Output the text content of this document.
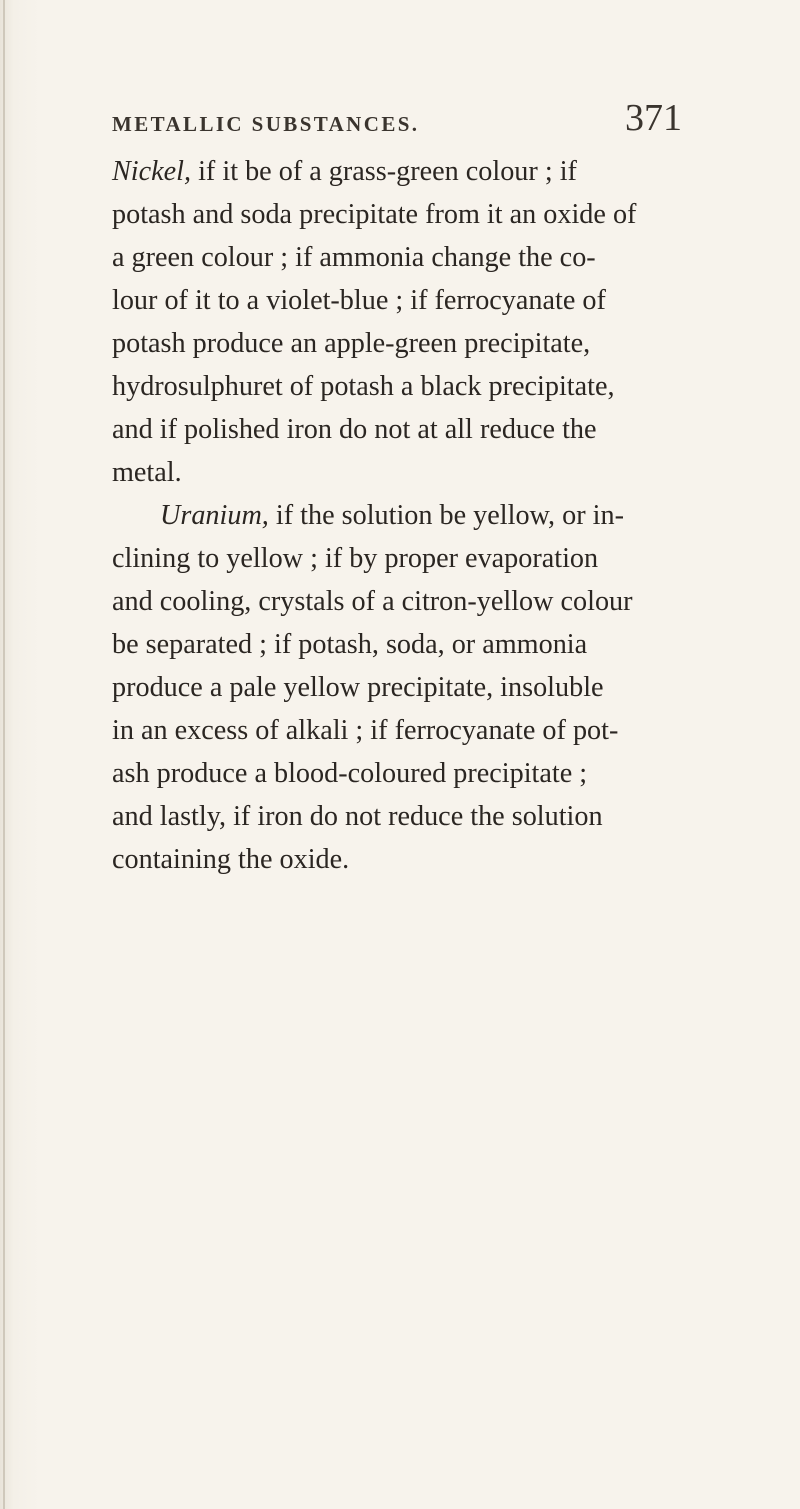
METALLIC SUBSTANCES.	371
Nickel, if it be of a grass-green colour ; if
potash and soda precipitate from it an oxide of
a green colour ; if ammonia change the co-
lour of it to a violet-blue ; if ferrocyanate of
potash produce an apple-green precipitate,
hydrosulphuret of potash a black precipitate,
and if polished iron do not at all reduce the
metal.
Uranium, if the solution be yellow, or in-
clining to yellow ; if by proper evaporation
and cooling, crystals of a citron-yellow colour
be separated ; if potash, soda, or ammonia
produce a pale yellow precipitate, insoluble
in an excess of alkali ; if ferrocyanate of pot-
ash produce a blood-coloured precipitate ;
and lastly, if iron do not reduce the solution
containing the oxide.
